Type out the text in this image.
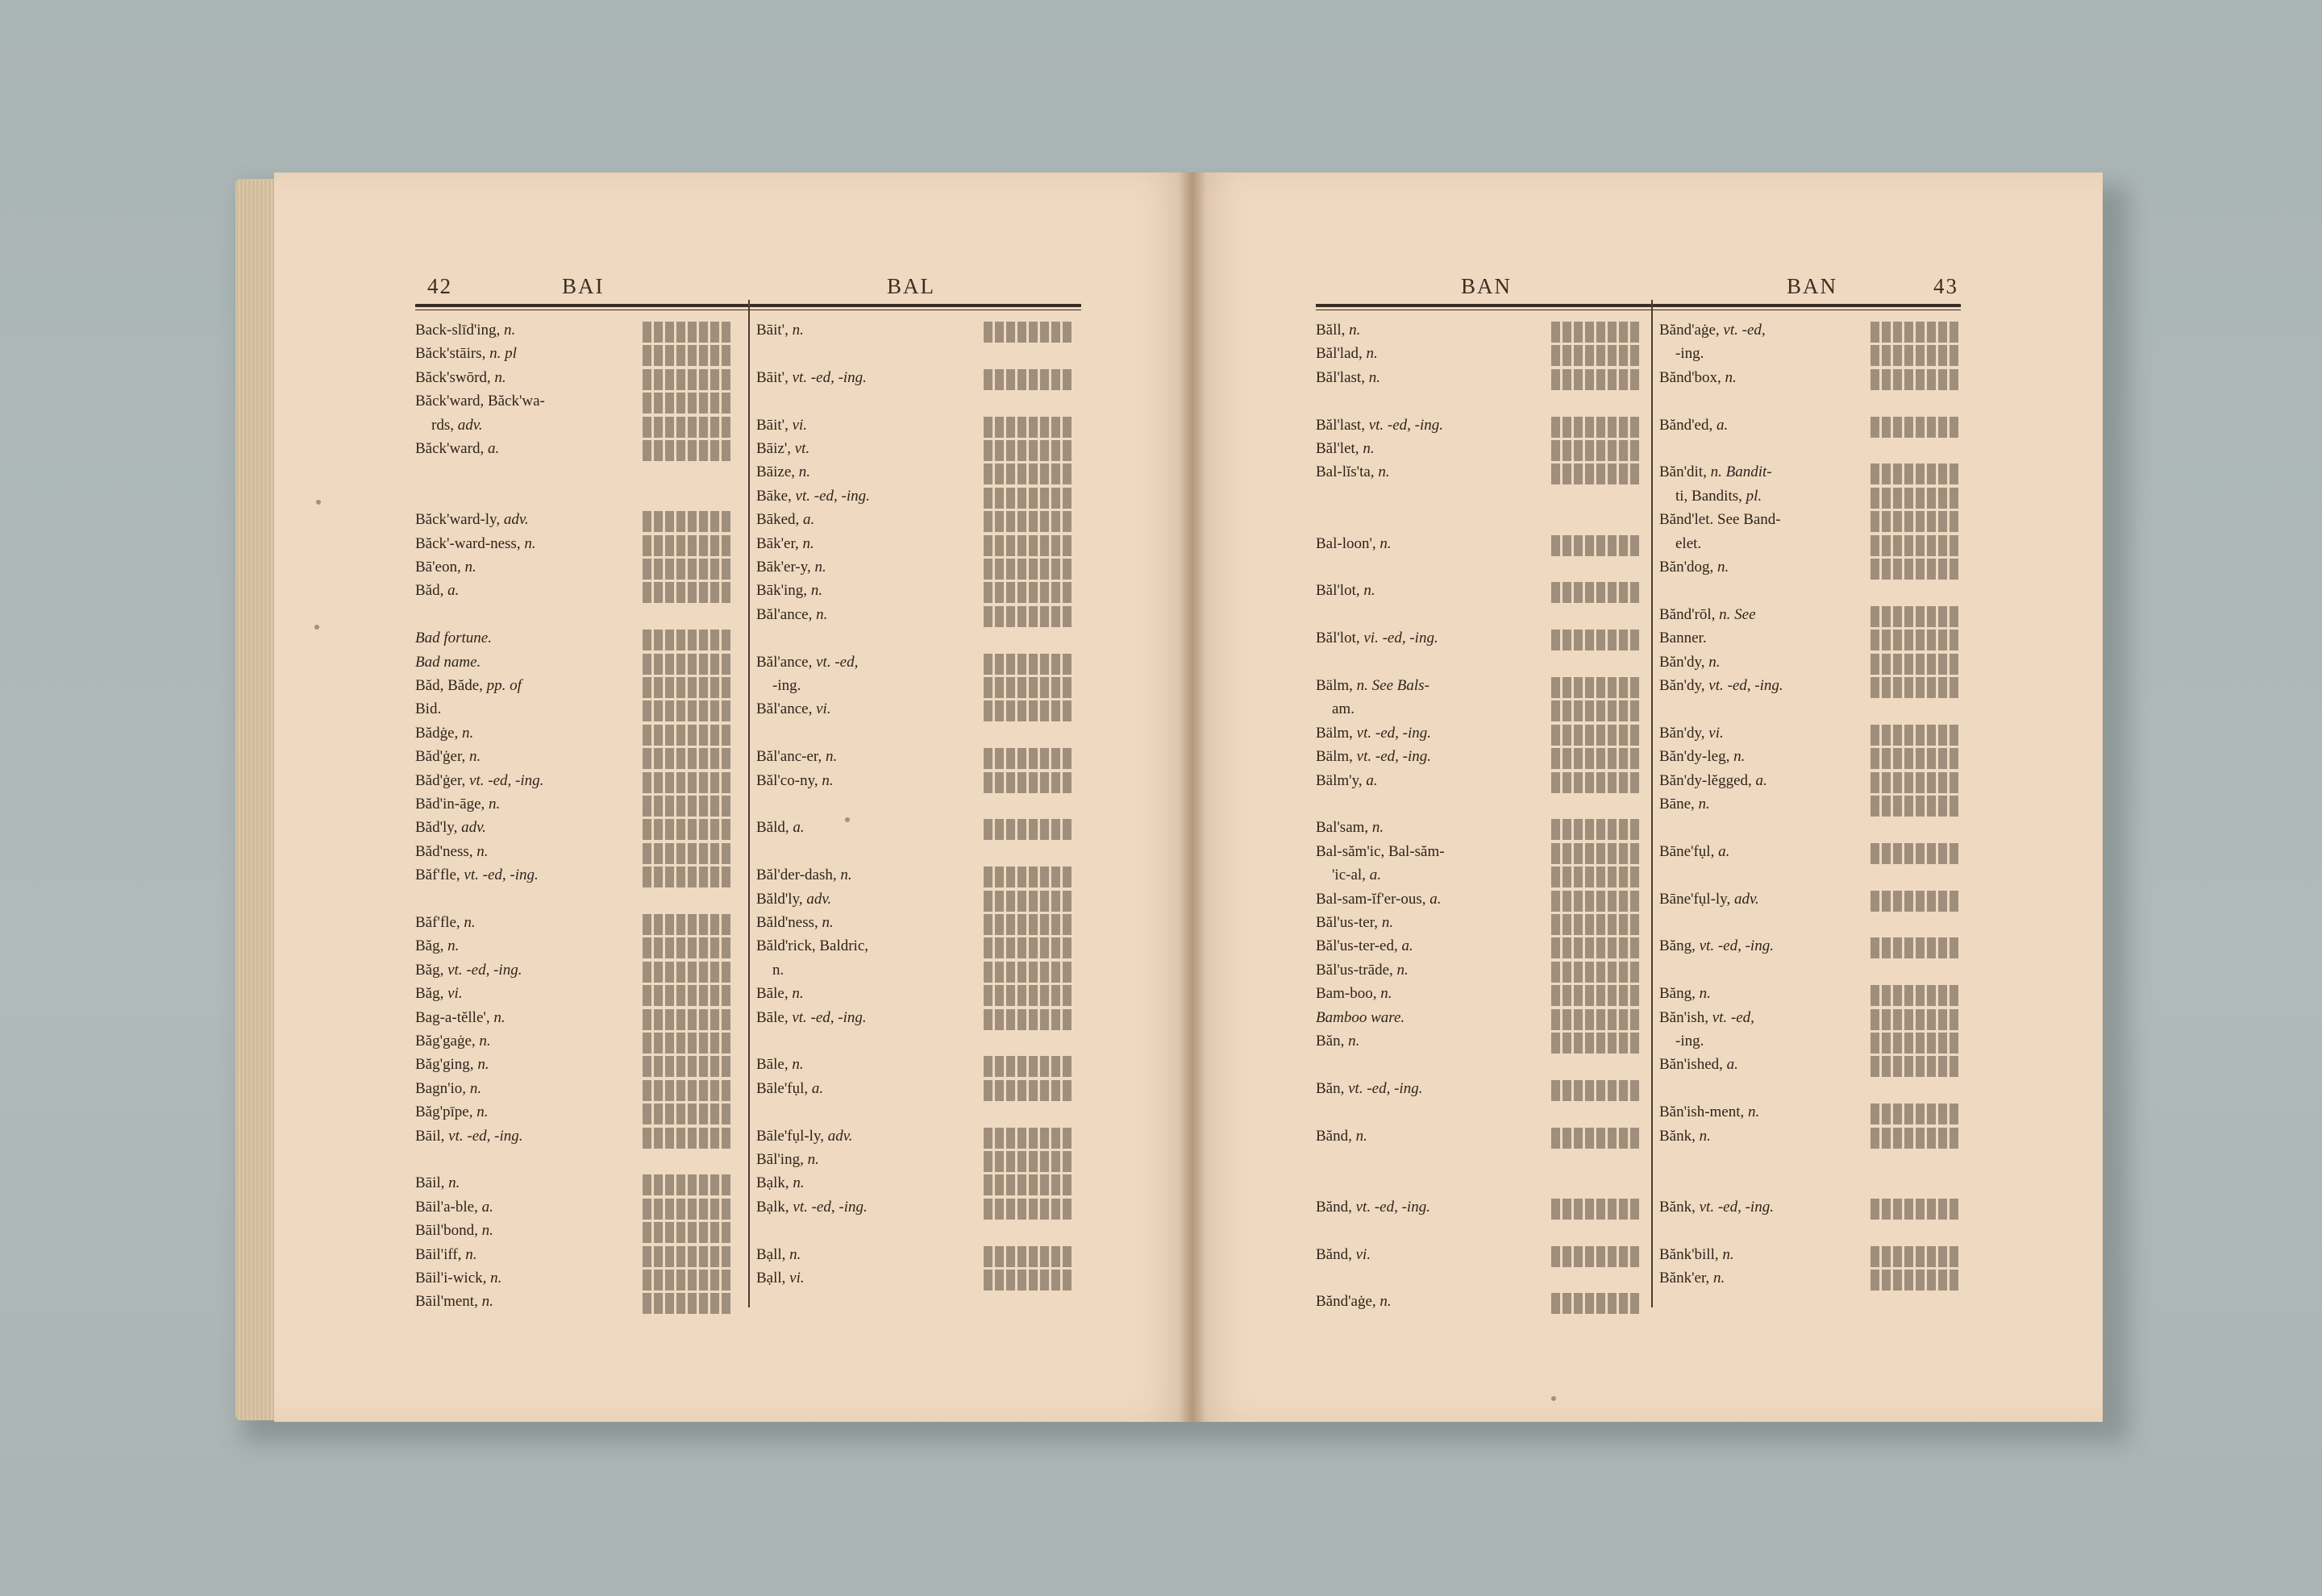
42	BAI	BAL	BAN	BAN	43
Back-slīd'ing, n.
Băck'stāirs, n. pl
Băck'swōrd, n.
Băck'ward, Băck'wa-
rds, adv.
Băck'ward, a.
Băck'ward-ly, adv.
Băck'-ward-ness, n.
Bā'eon, n.
Băd, a.
Bad fortune.
Bad name.
Băd, Băde, pp. of
Bid.
Bădġe, n.
Băd'ġer, n.
Băd'ġer, vt. -ed, -ing.
Băd'in-āge, n.
Băd'ly, adv.
Băd'ness, n.
Băf'fle, vt. -ed, -ing.
Băf'fle, n.
Băg, n.
Băg, vt. -ed, -ing.
Băg, vi.
Bag-a-tĕlle', n.
Băg'gaġe, n.
Băg'ging, n.
Bagn'io, n.
Băg'pīpe, n.
Bāil, vt. -ed, -ing.
Bāil, n.
Bāil'a-ble, a.
Bāil'bond, n.
Bāil'iff, n.
Bāil'i-wick, n.
Bāil'ment, n.
Bāit', n.
Bāit', vt. -ed, -ing.
Bāit', vi.
Bāiz', vt.
Bāize, n.
Bāke, vt. -ed, -ing.
Bāked, a.
Bāk'er, n.
Bāk'er-y, n.
Bāk'ing, n.
Băl'ance, n.
Băl'ance, vt. -ed,
-ing.
Băl'ance, vi.
Băl'anc-er, n.
Băl'co-ny, n.
Băld, a.
Băl'der-dash, n.
Băld'ly, adv.
Băld'ness, n.
Băld'rick, Baldric,
n.
Bāle, n.
Bāle, vt. -ed, -ing.
Bāle, n.
Bāle'fụl, a.
Bāle'fụl-ly, adv.
Bāl'ing, n.
Bạlk, n.
Bạlk, vt. -ed, -ing.
Bạll, n.
Bạll, vi.
Băll, n.
Băl'lad, n.
Băl'last, n.
Băl'last, vt. -ed, -ing.
Băl'let, n.
Bal-lĭs'ta, n.
Bal-loon', n.
Băl'lot, n.
Băl'lot, vi. -ed, -ing.
Bälm, n. See Bals-
am.
Bälm, vt. -ed, -ing.
Bälm, vt. -ed, -ing.
Bälm'y, a.
Bal'sam, n.
Bal-săm'ic, Bal-săm-
'ic-al, a.
Bal-sam-ĭf'er-ous, a.
Băl'us-ter, n.
Băl'us-ter-ed, a.
Băl'us-trāde, n.
Bam-boo, n.
Bamboo ware.
Băn, n.
Băn, vt. -ed, -ing.
Bănd, n.
Bănd, vt. -ed, -ing.
Bănd, vi.
Bănd'aġe, n.
Bănd'aġe, vt. -ed,
-ing.
Bănd'box, n.
Bănd'ed, a.
Băn'dit, n. Bandit-
ti, Bandits, pl.
Bănd'let. See Band-
elet.
Băn'dog, n.
Bănd'rōl, n. See
Banner.
Băn'dy, n.
Băn'dy, vt. -ed, -ing.
Băn'dy, vi.
Băn'dy-leg, n.
Băn'dy-lĕgged, a.
Bāne, n.
Bāne'fụl, a.
Bāne'fụl-ly, adv.
Băng, vt. -ed, -ing.
Băng, n.
Băn'ish, vt. -ed,
-ing.
Băn'ished, a.
Băn'ish-ment, n.
Bănk, n.
Bănk, vt. -ed, -ing.
Bănk'bill, n.
Bănk'er, n.
